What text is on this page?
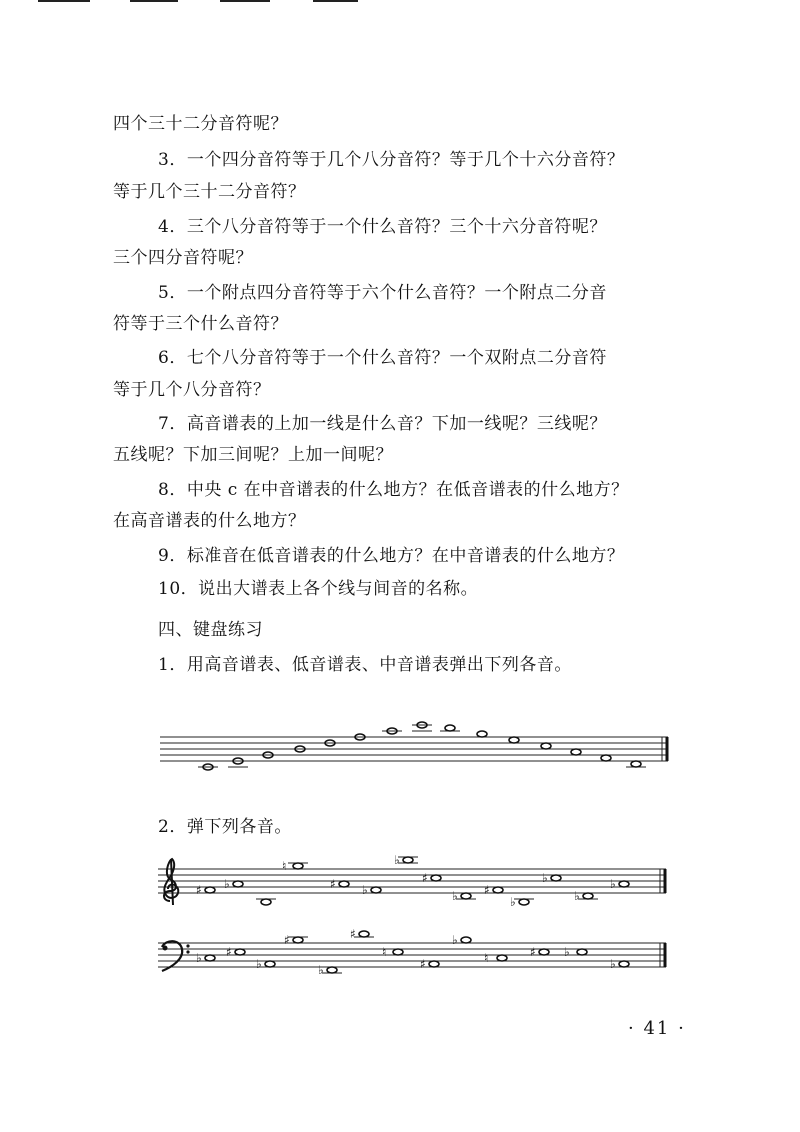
四个三十二分音符呢？
3．一个四分音符等于几个八分音符？等于几个十六分音符？
等于几个三十二分音符？
4．三个八分音符等于一个什么音符？三个十六分音符呢？
三个四分音符呢？
5．一个附点四分音符等于六个什么音符？一个附点二分音
符等于三个什么音符？
6．七个八分音符等于一个什么音符？一个双附点二分音符
等于几个八分音符？
7．高音谱表的上加一线是什么音？下加一线呢？三线呢？
五线呢？下加三间呢？上加一间呢？
8．中央 c 在中音谱表的什么地方？在低音谱表的什么地方？
在高音谱表的什么地方？
9．标准音在低音谱表的什么地方？在中音谱表的什么地方？
10．说出大谱表上各个线与间音的名称。
四、键盘练习
1．用高音谱表、低音谱表、中音谱表弹出下列各音。
2．弹下列各音。
♯ ♭
♮
♯ ♭
♭
♯
♭ ♯
♭
♭
♭
♭
♭ ♯
♭
♯
♭
♯
♮
♯
♭
♮	♯ ♭
♭
· 41 ·
